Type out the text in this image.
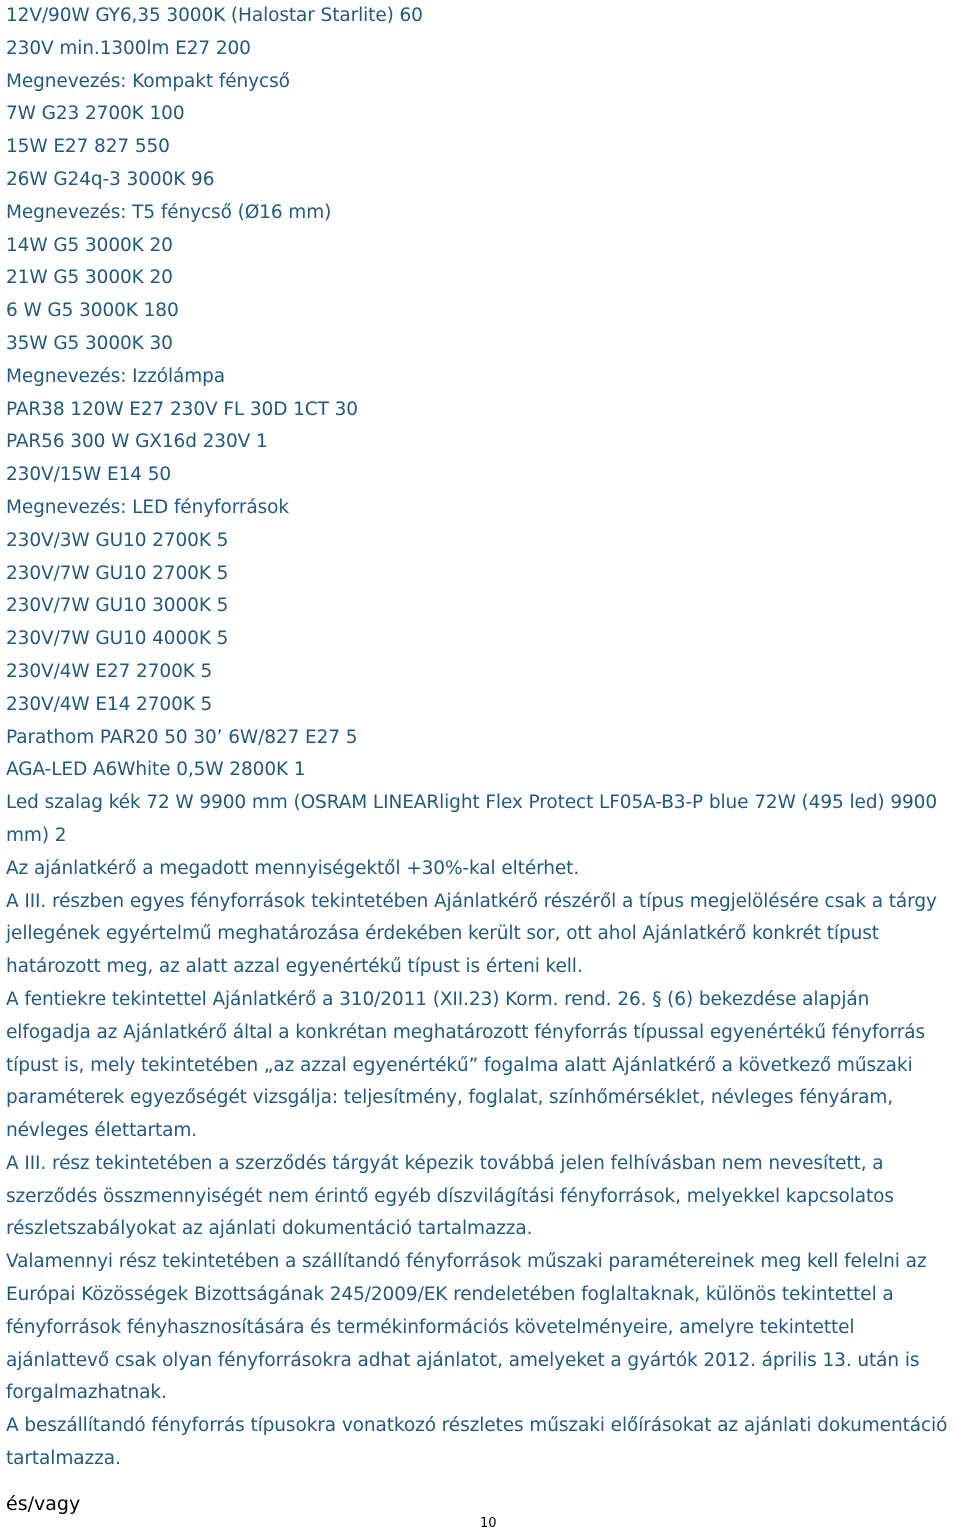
12V/90W GY6,35 3000K (Halostar Starlite) 60
230V min.1300lm E27 200
Megnevezés: Kompakt fénycső
7W G23 2700K 100
15W E27 827 550
26W G24q-3 3000K 96
Megnevezés: T5 fénycső (Ø16 mm)
14W G5 3000K 20
21W G5 3000K 20
6 W G5 3000K 180
35W G5 3000K 30
Megnevezés: Izzólámpa
PAR38 120W E27 230V FL 30D 1CT 30
PAR56 300 W GX16d 230V 1
230V/15W E14 50
Megnevezés: LED fényforrások
230V/3W GU10 2700K 5
230V/7W GU10 2700K 5
230V/7W GU10 3000K 5
230V/7W GU10 4000K 5
230V/4W E27 2700K 5
230V/4W E14 2700K 5
Parathom PAR20 50 30’ 6W/827 E27 5
AGA-LED A6White 0,5W 2800K 1
Led szalag kék 72 W 9900 mm (OSRAM LINEARlight Flex Protect LF05A-B3-P blue 72W (495 led) 9900 mm) 2
Az ajánlatkérő a megadott mennyiségektől +30%-kal eltérhet.
A III. részben egyes fényforrások tekintetében Ajánlatkérő részéről a típus megjelölésére csak a tárgy jellegének egyértelmű meghatározása érdekében került sor, ott ahol Ajánlatkérő konkrét típust határozott meg, az alatt azzal egyenértékű típust is érteni kell.
A fentiekre tekintettel Ajánlatkérő a 310/2011 (XII.23) Korm. rend. 26. § (6) bekezdése alapján elfogadja az Ajánlatkérő által a konkrétan meghatározott fényforrás típussal egyenértékű fényforrás típust is, mely tekintetében „az azzal egyenértékű” fogalma alatt Ajánlatkérő a következő műszaki paraméterek egyezőségét vizsgálja: teljesítmény, foglalat, színhőmérséklet, névleges fényáram, névleges élettartam.
A III. rész tekintetében a szerződés tárgyát képezik továbbá jelen felhívásban nem nevesített, a szerződés összmennyiségét nem érintő egyéb díszvilágítási fényforrások, melyekkel kapcsolatos részletszabályokat az ajánlati dokumentáció tartalmazza.
Valamennyi rész tekintetében a szállítandó fényforrások műszaki paramétereinek meg kell felelni az Európai Közösségek Bizottságának 245/2009/EK rendeletében foglaltaknak, különös tekintettel a fényforrások fényhasznosítására és termékinformációs követelményeire, amelyre tekintettel ajánlattevő csak olyan fényforrásokra adhat ajánlatot, amelyeket a gyártók 2012. április 13. után is forgalmazhatnak.
A beszállítandó fényforrás típusokra vonatkozó részletes műszaki előírásokat az ajánlati dokumentáció tartalmazza.
és/vagy
10
